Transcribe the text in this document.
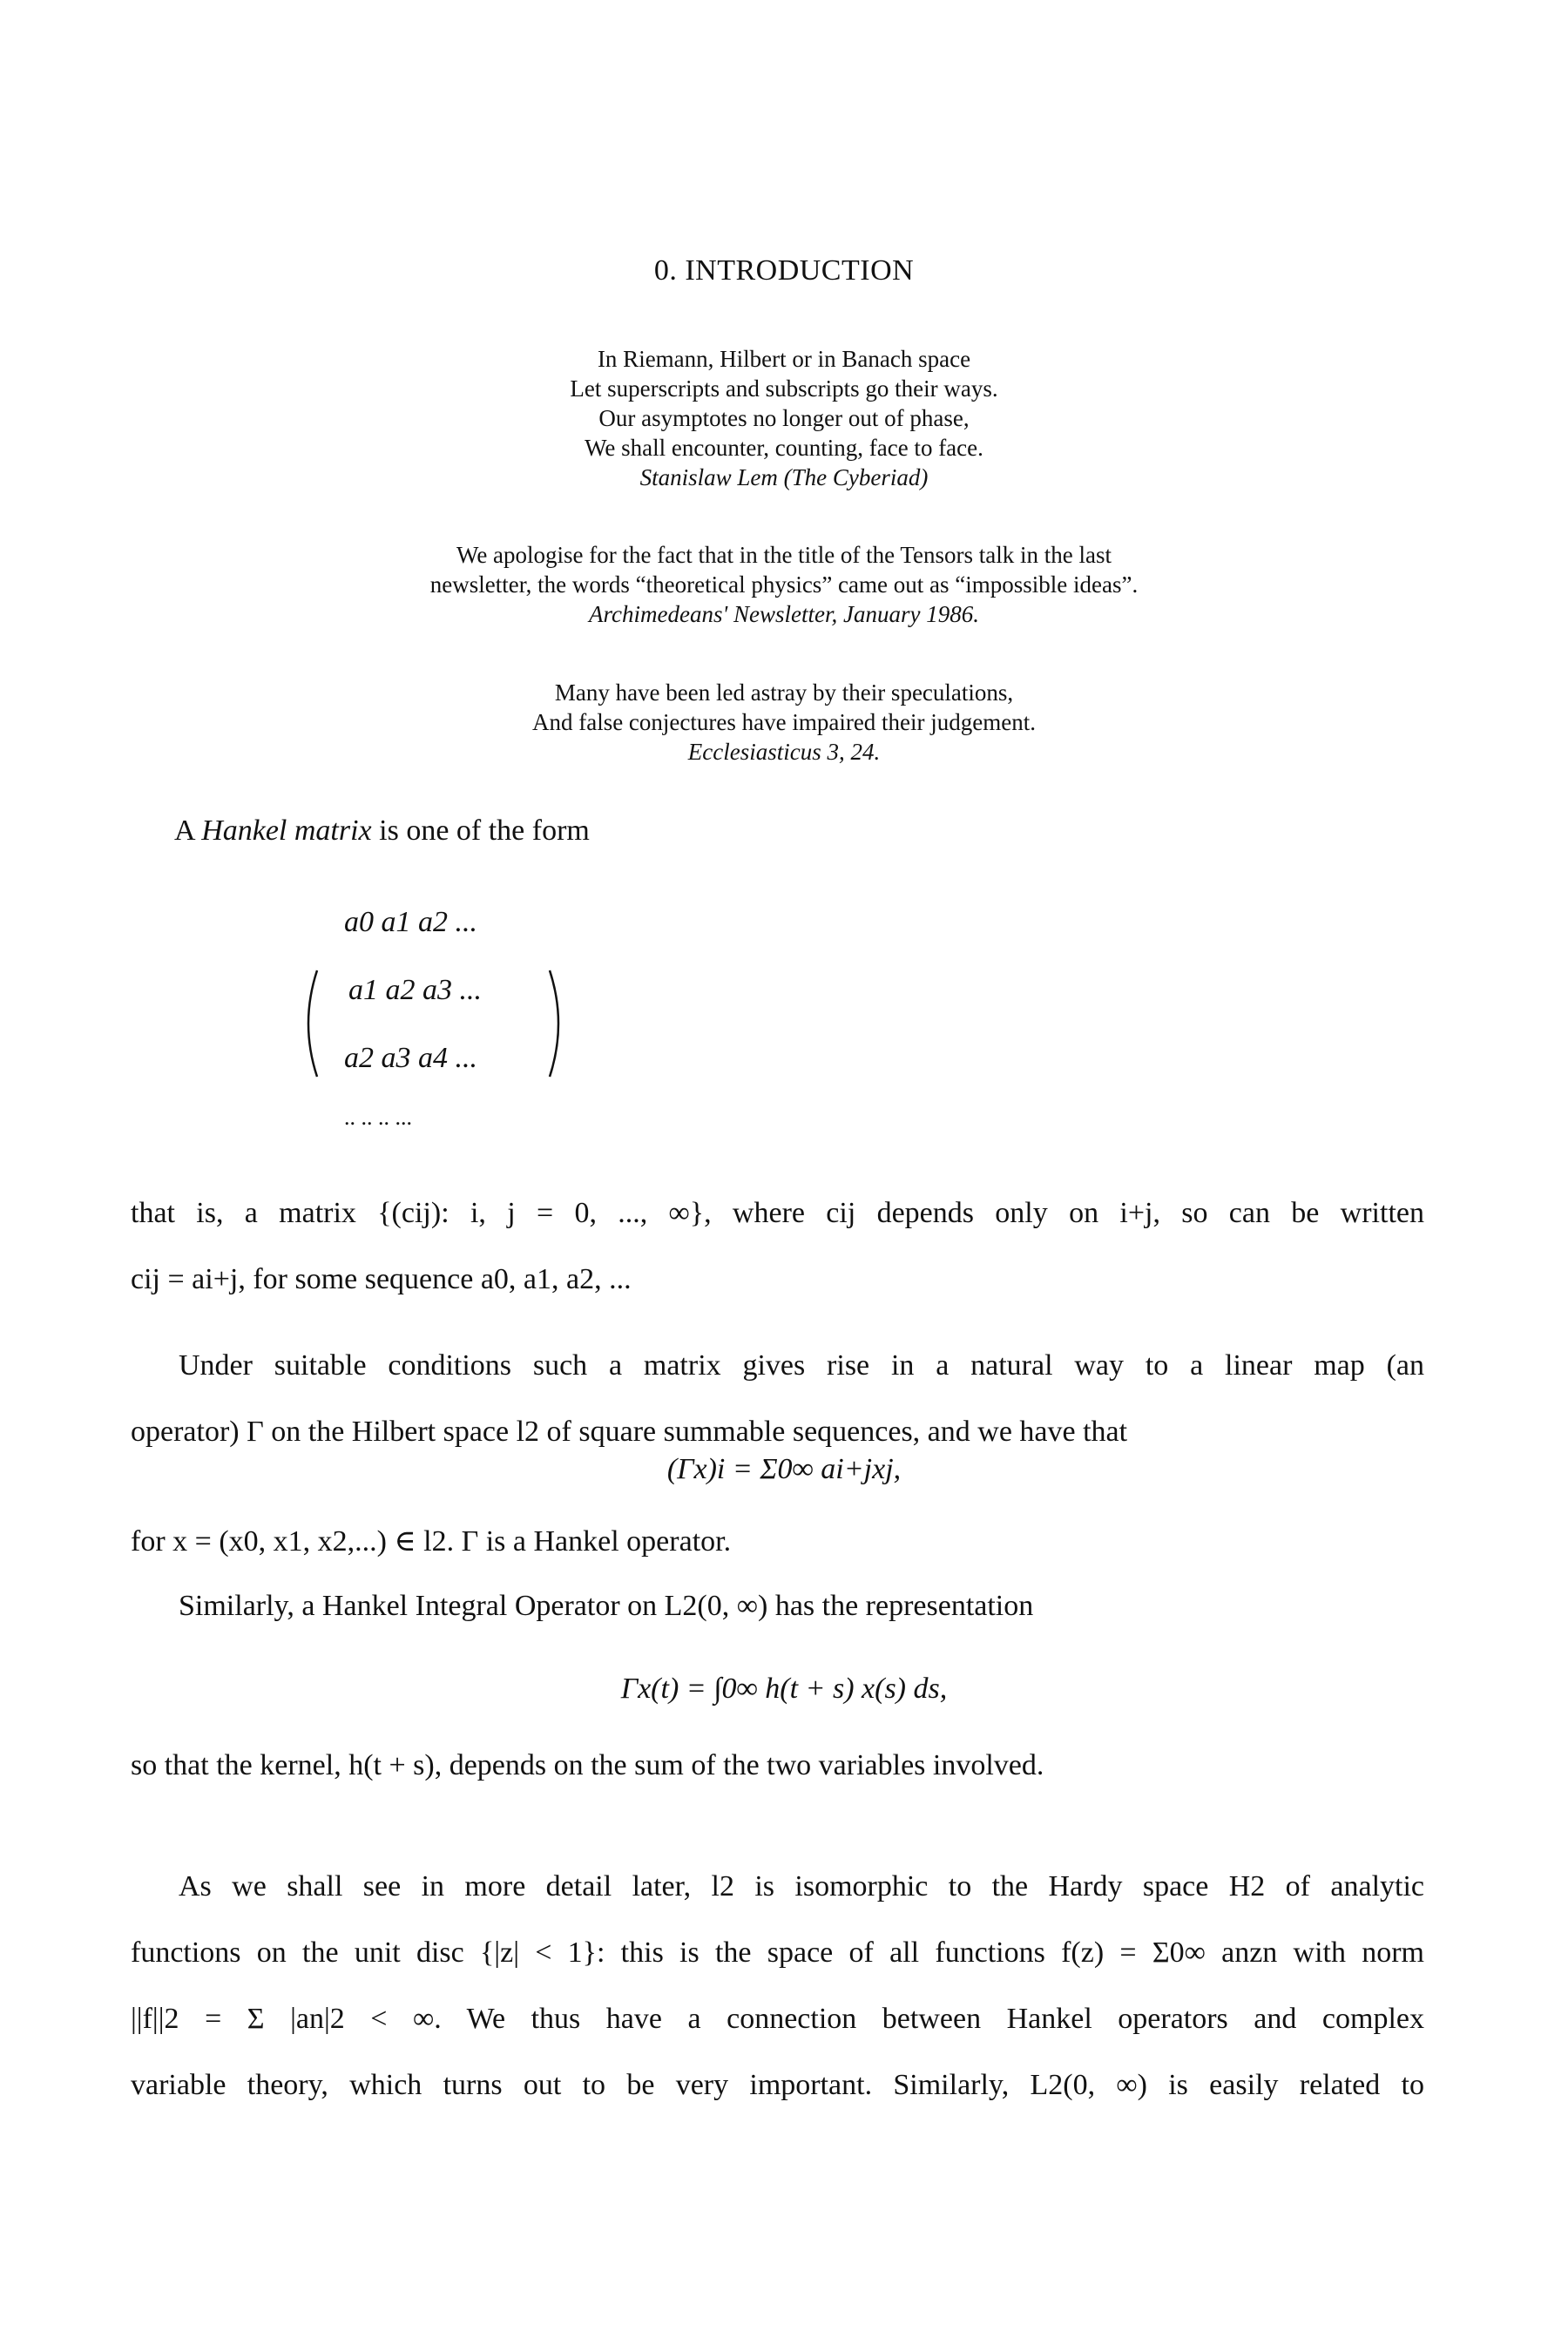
0. INTRODUCTION
In Riemann, Hilbert or in Banach space
Let superscripts and subscripts go their ways.
Our asymptotes no longer out of phase,
We shall encounter, counting, face to face.
Stanislaw Lem (The Cyberiad)
We apologise for the fact that in the title of the Tensors talk in the last
newsletter, the words “theoretical physics” came out as “impossible ideas”.
Archimedeans' Newsletter, January 1986.
Many have been led astray by their speculations,
And false conjectures have impaired their judgement.
Ecclesiasticus 3, 24.
A Hankel matrix is one of the form
a0 a1 a2 ...
a1 a2 a3 ...
a2 a3 a4 ...
.. .. .. ...
that is, a matrix {(cij): i, j = 0, ..., ∞}, where cij depends only on i+j, so can be written
cij = ai+j, for some sequence a0, a1, a2, ...
Under suitable conditions such a matrix gives rise in a natural way to a linear map (an
operator) Γ on the Hilbert space l2 of square summable sequences, and we have that
(Γx)i = Σ0∞ ai+jxj,
for x = (x0, x1, x2,...) ∈ l2. Γ is a Hankel operator.
Similarly, a Hankel Integral Operator on L2(0, ∞) has the representation
Γx(t) = ∫0∞ h(t + s) x(s) ds,
so that the kernel, h(t + s), depends on the sum of the two variables involved.
As we shall see in more detail later, l2 is isomorphic to the Hardy space H2 of analytic
functions on the unit disc {|z| < 1}: this is the space of all functions f(z) = Σ0∞ anzn with norm
||f||2 = Σ |an|2 < ∞. We thus have a connection between Hankel operators and complex
variable theory, which turns out to be very important. Similarly, L2(0, ∞) is easily related to
